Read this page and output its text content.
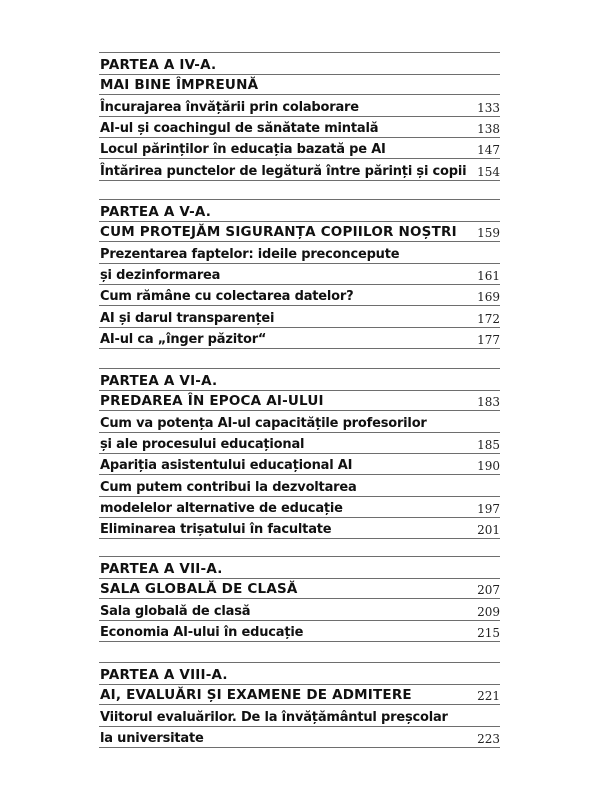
PARTEA A IV-A.
MAI BINE ÎMPREUNĂ
Încurajarea învățării prin colaborare	133
AI-ul și coachingul de sănătate mintală	138
Locul părinților în educația bazată pe AI	147
Întărirea punctelor de legătură între părinți și copii 154
PARTEA A V-A.
CUM PROTEJĂM SIGURANȚA COPIILOR NOȘTRI 159
Prezentarea faptelor: ideile preconcepute
și dezinformarea	161
Cum rămâne cu colectarea datelor?	169
AI și darul transparenței	172
AI-ul ca „înger păzitor“	177
PARTEA A VI-A.
PREDAREA ÎN EPOCA AI-ULUI	183
Cum va potența AI-ul capacitățile profesorilor
și ale procesului educațional	185
Apariția asistentului educațional AI	190
Cum putem contribui la dezvoltarea
modelelor alternative de educație	197
Eliminarea trișatului în facultate	201
PARTEA A VII-A.
SALA GLOBALĂ DE CLASĂ	207
Sala globală de clasă	209
Economia AI-ului în educație	215
PARTEA A VIII-A.
AI, EVALUĂRI ȘI EXAMENE DE ADMITERE	221
Viitorul evaluărilor. De la învățământul preșcolar
la universitate	223
